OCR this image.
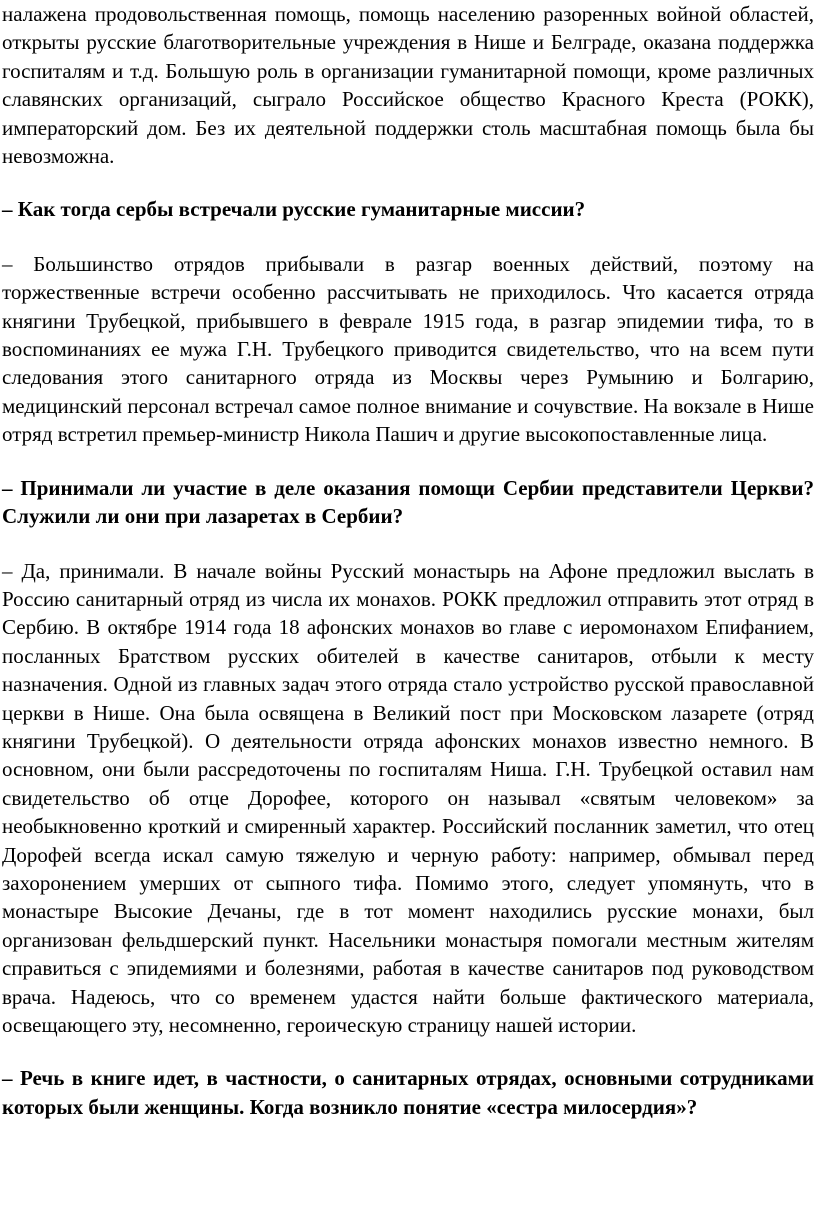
налажена продовольственная помощь, помощь населению разоренных войной областей, открыты русские благотворительные учреждения в Нише и Белграде, оказана поддержка госпиталям и т.д. Большую роль в организации гуманитарной помощи, кроме различных славянских организаций, сыграло Российское общество Красного Креста (РОКК), императорский дом. Без их деятельной поддержки столь масштабная помощь была бы невозможна.

– Как тогда сербы встречали русские гуманитарные миссии?

– Большинство отрядов прибывали в разгар военных действий, поэтому на торжественные встречи особенно рассчитывать не приходилось. Что касается отряда княгини Трубецкой, прибывшего в феврале 1915 года, в разгар эпидемии тифа, то в воспоминаниях ее мужа Г.Н. Трубецкого приводится свидетельство, что на всем пути следования этого санитарного отряда из Москвы через Румынию и Болгарию, медицинский персонал встречал самое полное внимание и сочувствие. На вокзале в Нише отряд встретил премьер-министр Никола Пашич и другие высокопоставленные лица.

– Принимали ли участие в деле оказания помощи Сербии представители Церкви? Служили ли они при лазаретах в Сербии?

– Да, принимали. В начале войны Русский монастырь на Афоне предложил выслать в Россию санитарный отряд из числа их монахов. РОКК предложил отправить этот отряд в Сербию. В октябре 1914 года 18 афонских монахов во главе с иеромонахом Епифанием, посланных Братством русских обителей в качестве санитаров, отбыли к месту назначения. Одной из главных задач этого отряда стало устройство русской православной церкви в Нише. Она была освящена в Великий пост при Московском лазарете (отряд княгини Трубецкой). О деятельности отряда афонских монахов известно немного. В основном, они были рассредоточены по госпиталям Ниша. Г.Н. Трубецкой оставил нам свидетельство об отце Дорофее, которого он называл «святым человеком» за необыкновенно кроткий и смиренный характер. Российский посланник заметил, что отец Дорофей всегда искал самую тяжелую и черную работу: например, обмывал перед захоронением умерших от сыпного тифа. Помимо этого, следует упомянуть, что в монастыре Высокие Дечаны, где в тот момент находились русские монахи, был организован фельдшерский пункт. Насельники монастыря помогали местным жителям справиться с эпидемиями и болезнями, работая в качестве санитаров под руководством врача. Надеюсь, что со временем удастся найти больше фактического материала, освещающего эту, несомненно, героическую страницу нашей истории.

– Речь в книге идет, в частности, о санитарных отрядах, основными сотрудниками которых были женщины. Когда возникло понятие «сестра милосердия»?
